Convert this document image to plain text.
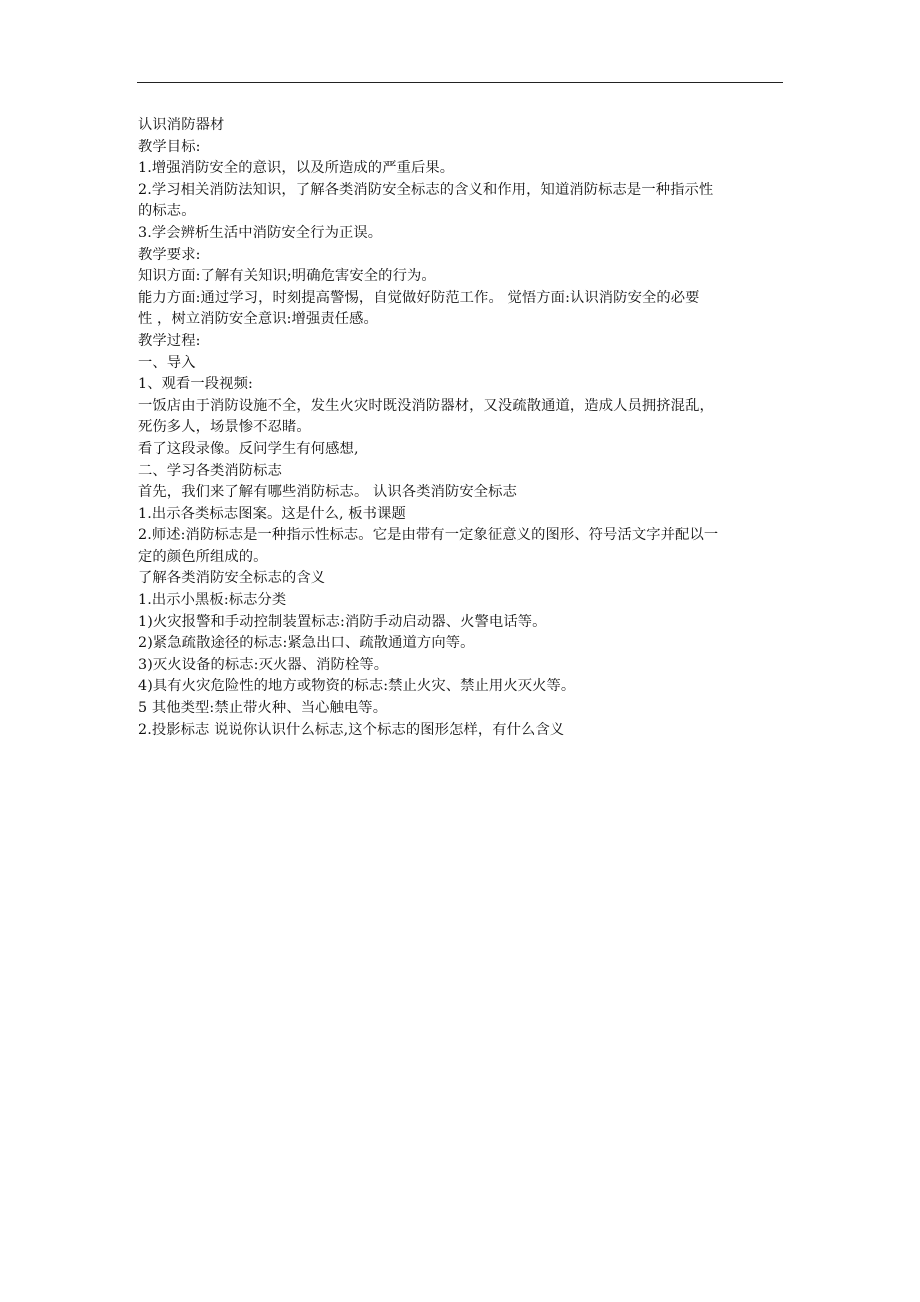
认识消防器材
教学目标:
1.增强消防安全的意识，以及所造成的严重后果。
2.学习相关消防法知识，了解各类消防安全标志的含义和作用，知道消防标志是一种指示性
的标志。
3.学会辨析生活中消防安全行为正误。
教学要求:
知识方面:了解有关知识;明确危害安全的行为。
能力方面:通过学习，时刻提高警惕，自觉做好防范工作。 觉悟方面:认识消防安全的必要
性 ，树立消防安全意识:增强责任感。
教学过程:
一、导入
1、观看一段视频:
一饭店由于消防设施不全，发生火灾时既没消防器材，又没疏散通道，造成人员拥挤混乱，
死伤多人，场景惨不忍睹。
看了这段录像。反问学生有何感想,
二、学习各类消防标志
首先，我们来了解有哪些消防标志。 认识各类消防安全标志
1.出示各类标志图案。这是什么, 板书课题
2.师述:消防标志是一种指示性标志。它是由带有一定象征意义的图形、符号活文字并配以一
定的颜色所组成的。
了解各类消防安全标志的含义
1.出示小黑板:标志分类
1)火灾报警和手动控制装置标志:消防手动启动器、火警电话等。
2)紧急疏散途径的标志:紧急出口、疏散通道方向等。
3)灭火设备的标志:灭火器、消防栓等。
4)具有火灾危险性的地方或物资的标志:禁止火灾、禁止用火灭火等。
5 其他类型:禁止带火种、当心触电等。
2.投影标志 说说你认识什么标志,这个标志的图形怎样，有什么含义
